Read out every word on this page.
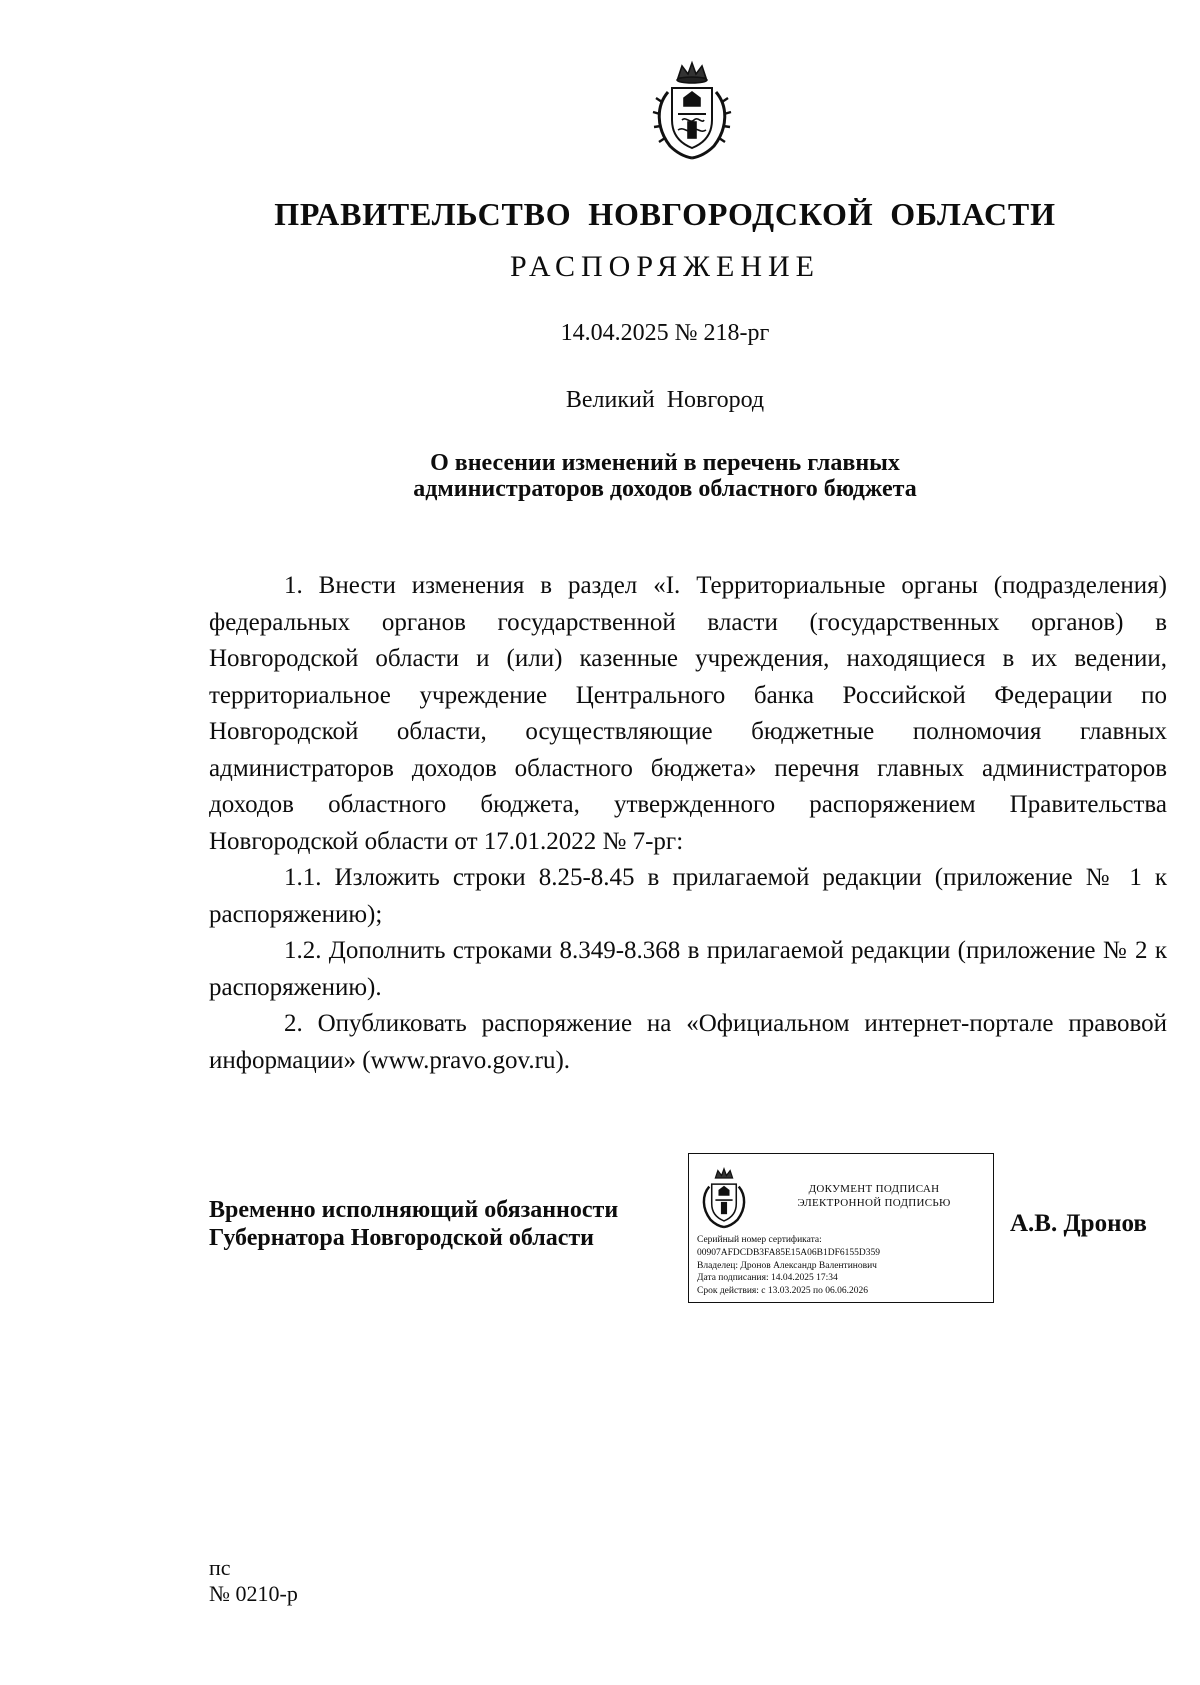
ПРАВИТЕЛЬСТВО НОВГОРОДСКОЙ ОБЛАСТИ
РАСПОРЯЖЕНИЕ
14.04.2025 № 218-рг
Великий Новгород
О внесении изменений в перечень главных
администраторов доходов областного бюджета

1. Внести изменения в раздел «I. Территориальные органы (подразделения) федеральных органов государственной власти (государственных органов) в Новгородской области и (или) казенные учреждения, находящиеся в их ведении, территориальное учреждение Центрального банка Российской Федерации по Новгородской области, осуществляющие бюджетные полномочия главных администраторов доходов областного бюджета» перечня главных администраторов доходов областного бюджета, утвержденного распоряжением Правительства Новгородской области от 17.01.2022 № 7-рг:

1.1. Изложить строки 8.25-8.45 в прилагаемой редакции (приложение № 1 к распоряжению);

1.2. Дополнить строками 8.349-8.368 в прилагаемой редакции (приложение № 2 к распоряжению).

2. Опубликовать распоряжение на «Официальном интернет-портале правовой информации» (www.pravo.gov.ru).

Временно исполняющий обязанности
Губернатора Новгородской области
ДОКУМЕНТ ПОДПИСАН
ЭЛЕКТРОННОЙ ПОДПИСЬЮ
Серийный номер сертификата:
00907AFDCDB3FA85E15A06B1DF6155D359
Владелец: Дронов Александр Валентинович
Дата подписания: 14.04.2025 17:34
Срок действия: с 13.03.2025 по 06.06.2026
А.В. Дронов
пс
№ 0210-р
